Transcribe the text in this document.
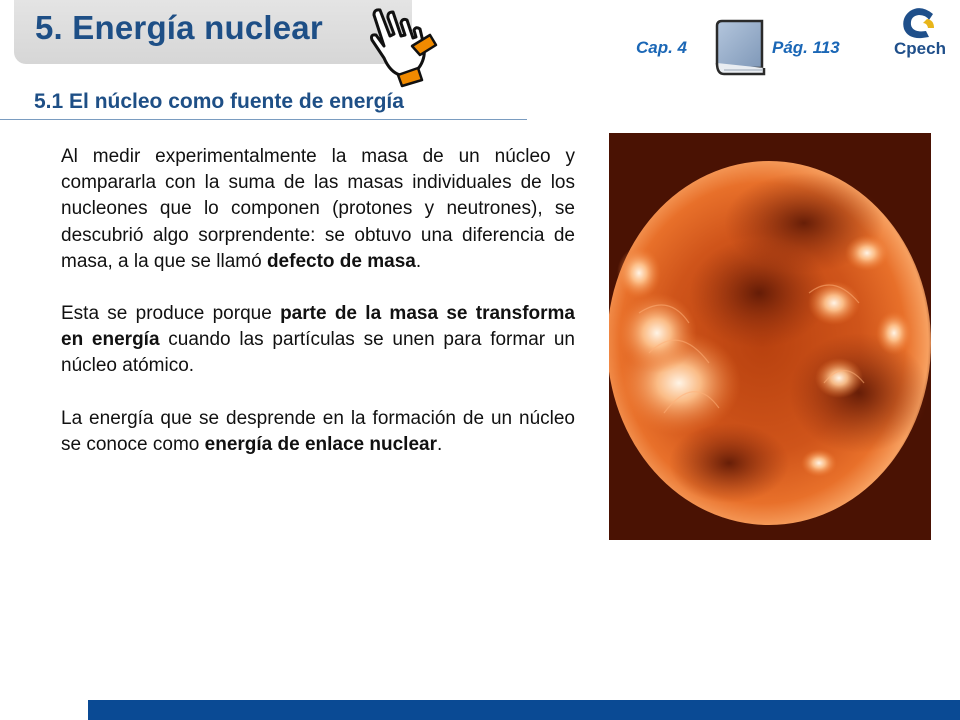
5. Energía nuclear
Cap. 4	Pág. 113	Cpech
5.1 El núcleo como fuente de energía

Al medir experimentalmente la masa de un núcleo y compararla con la suma de las masas individuales de los nucleones que lo componen (protones y neutrones), se descubrió algo sorprendente: se obtuvo una diferencia de masa, a la que se llamó defecto de masa.

Esta se produce porque parte de la masa se transforma en energía cuando las partículas se unen para formar un núcleo atómico.

La energía que se desprende en la formación de un núcleo se conoce como energía de enlace nuclear.
